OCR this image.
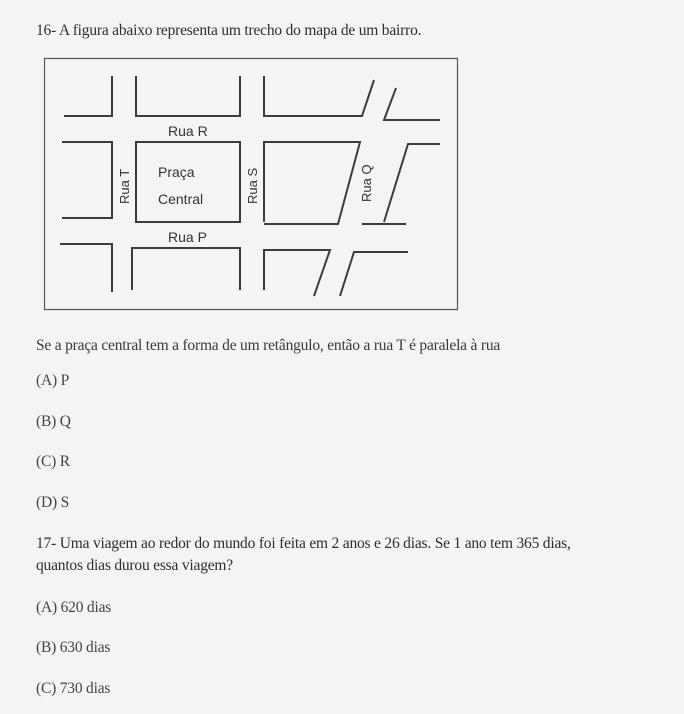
16- A figura abaixo representa um trecho do mapa de um bairro.
Rua R
Rua P
Praça
Central
Rua T	Rua S	Rua Q
Se a praça central tem a forma de um retângulo, então a rua T é paralela à rua
(A) P
(B) Q
(C) R
(D) S
17- Uma viagem ao redor do mundo foi feita em 2 anos e 26 dias. Se 1 ano tem 365 dias,
quantos dias durou essa viagem?
(A) 620 dias
(B) 630 dias
(C) 730 dias
